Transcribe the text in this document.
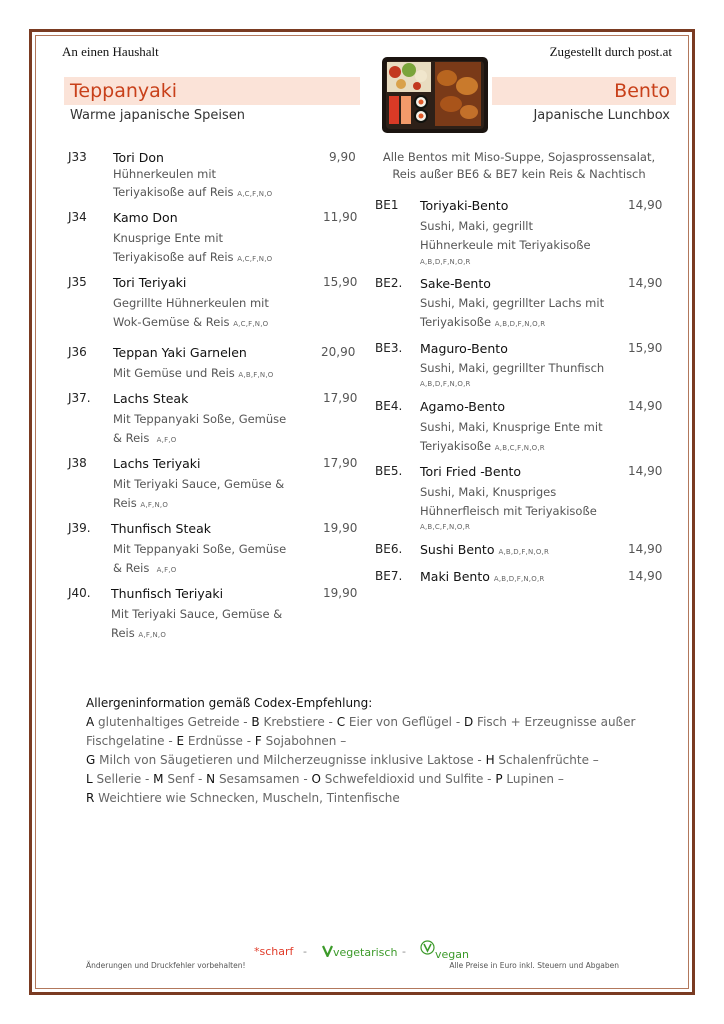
An einen Haushalt	Zugestellt durch post.at
Teppanyaki	Bento
Warme japanische Speisen	Japanische Lunchbox
J33 Tori Don	9,90
Hühnerkeulen mit
Teriyakisoße auf Reis A,C,F,N,O
J34 Kamo Don	11,90
Knusprige Ente mit
Teriyakisoße auf Reis A,C,F,N,O
J35 Tori Teriyaki	15,90
Gegrillte Hühnerkeulen mit
Wok-Gemüse & Reis A,C,F,N,O
J36 Teppan Yaki Garnelen	20,90
Mit Gemüse und Reis A,B,F,N,O
J37. Lachs Steak	17,90
Mit Teppanyaki Soße, Gemüse
& Reis A,F,O
J38 Lachs Teriyaki	17,90
Mit Teriyaki Sauce, Gemüse &
Reis A,F,N,O
J39. Thunfisch Steak	19,90
Mit Teppanyaki Soße, Gemüse
& Reis A,F,O
J40. Thunfisch Teriyaki	19,90
Mit Teriyaki Sauce, Gemüse &
Reis A,F,N,O
Alle Bentos mit Miso-Suppe, Sojasprossensalat,
Reis außer BE6 & BE7 kein Reis & Nachtisch
BE1 Toriyaki-Bento	14,90
Sushi, Maki, gegrillt
Hühnerkeule mit Teriyakisoße
A,B,D,F,N,O,R
BE2. Sake-Bento	14,90
Sushi, Maki, gegrillter Lachs mit
Teriyakisoße A,B,D,F,N,O,R
BE3. Maguro-Bento	15,90
Sushi, Maki, gegrillter Thunfisch
A,B,D,F,N,O,R
BE4. Agamo-Bento	14,90
Sushi, Maki, Knusprige Ente mit
Teriyakisoße A,B,C,F,N,O,R
BE5. Tori Fried -Bento	14,90
Sushi, Maki, Knuspriges
Hühnerfleisch mit Teriyakisoße
A,B,C,F,N,O,R
BE6. Sushi Bento A,B,D,F,N,O,R	14,90
BE7. Maki Bento A,B,D,F,N,O,R	14,90
Allergeninformation gemäß Codex-Empfehlung:
A glutenhaltiges Getreide - B Krebstiere - C Eier von Geflügel - D Fisch + Erzeugnisse außer Fischgelatine - E Erdnüsse - F Sojabohnen –
G Milch von Säugetieren und Milcherzeugnisse inklusive Laktose - H Schalenfrüchte –
L Sellerie - M Senf - N Sesamsamen - O Schwefeldioxid und Sulfite - P Lupinen –
R Weichtiere wie Schnecken, Muscheln, Tintenfische
*scharf -	vegetarisch -	vegan
Änderungen und Druckfehler vorbehalten!	Alle Preise in Euro inkl. Steuern und Abgaben
